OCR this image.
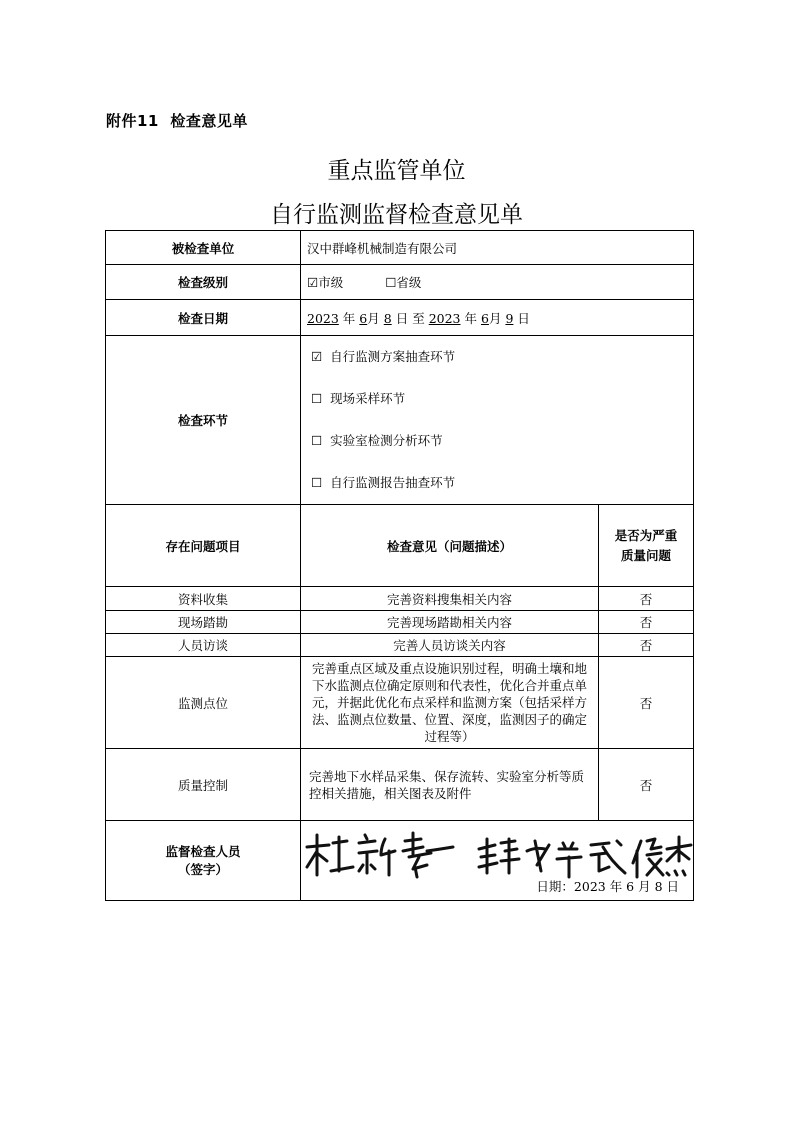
附件11 检查意见单
重点监管单位
自行监测监督检查意见单
被检查单位	汉中群峰机械制造有限公司	
检查级别	☑市级 ☐省级	
检查日期	2023 年 6月 8 日 至 2023 年 6月 9 日	
检查环节	☑ 自行监测方案抽查环节
☐ 现场采样环节
☐ 实验室检测分析环节
☐ 自行监测报告抽查环节	

存在问题项目	检查意见（问题描述）	是否为严重
质量问题
资料收集	完善资料搜集相关内容	否
现场踏勘	完善现场踏勘相关内容	否
人员访谈	完善人员访谈关内容	否
监测点位	完善重点区域及重点设施识别过程，明确土壤和地下水监测点位确定原则和代表性，优化合并重点单元，并据此优化布点采样和监测方案（包括采样方法、监测点位数量、位置、深度，监测因子的确定过程等）	否
质量控制	完善地下水样品采集、保存流转、实验室分析等质控相关措施，相关图表及附件	否
监督检查人员
（签字）	日期：2023 年 6 月 8 日	
